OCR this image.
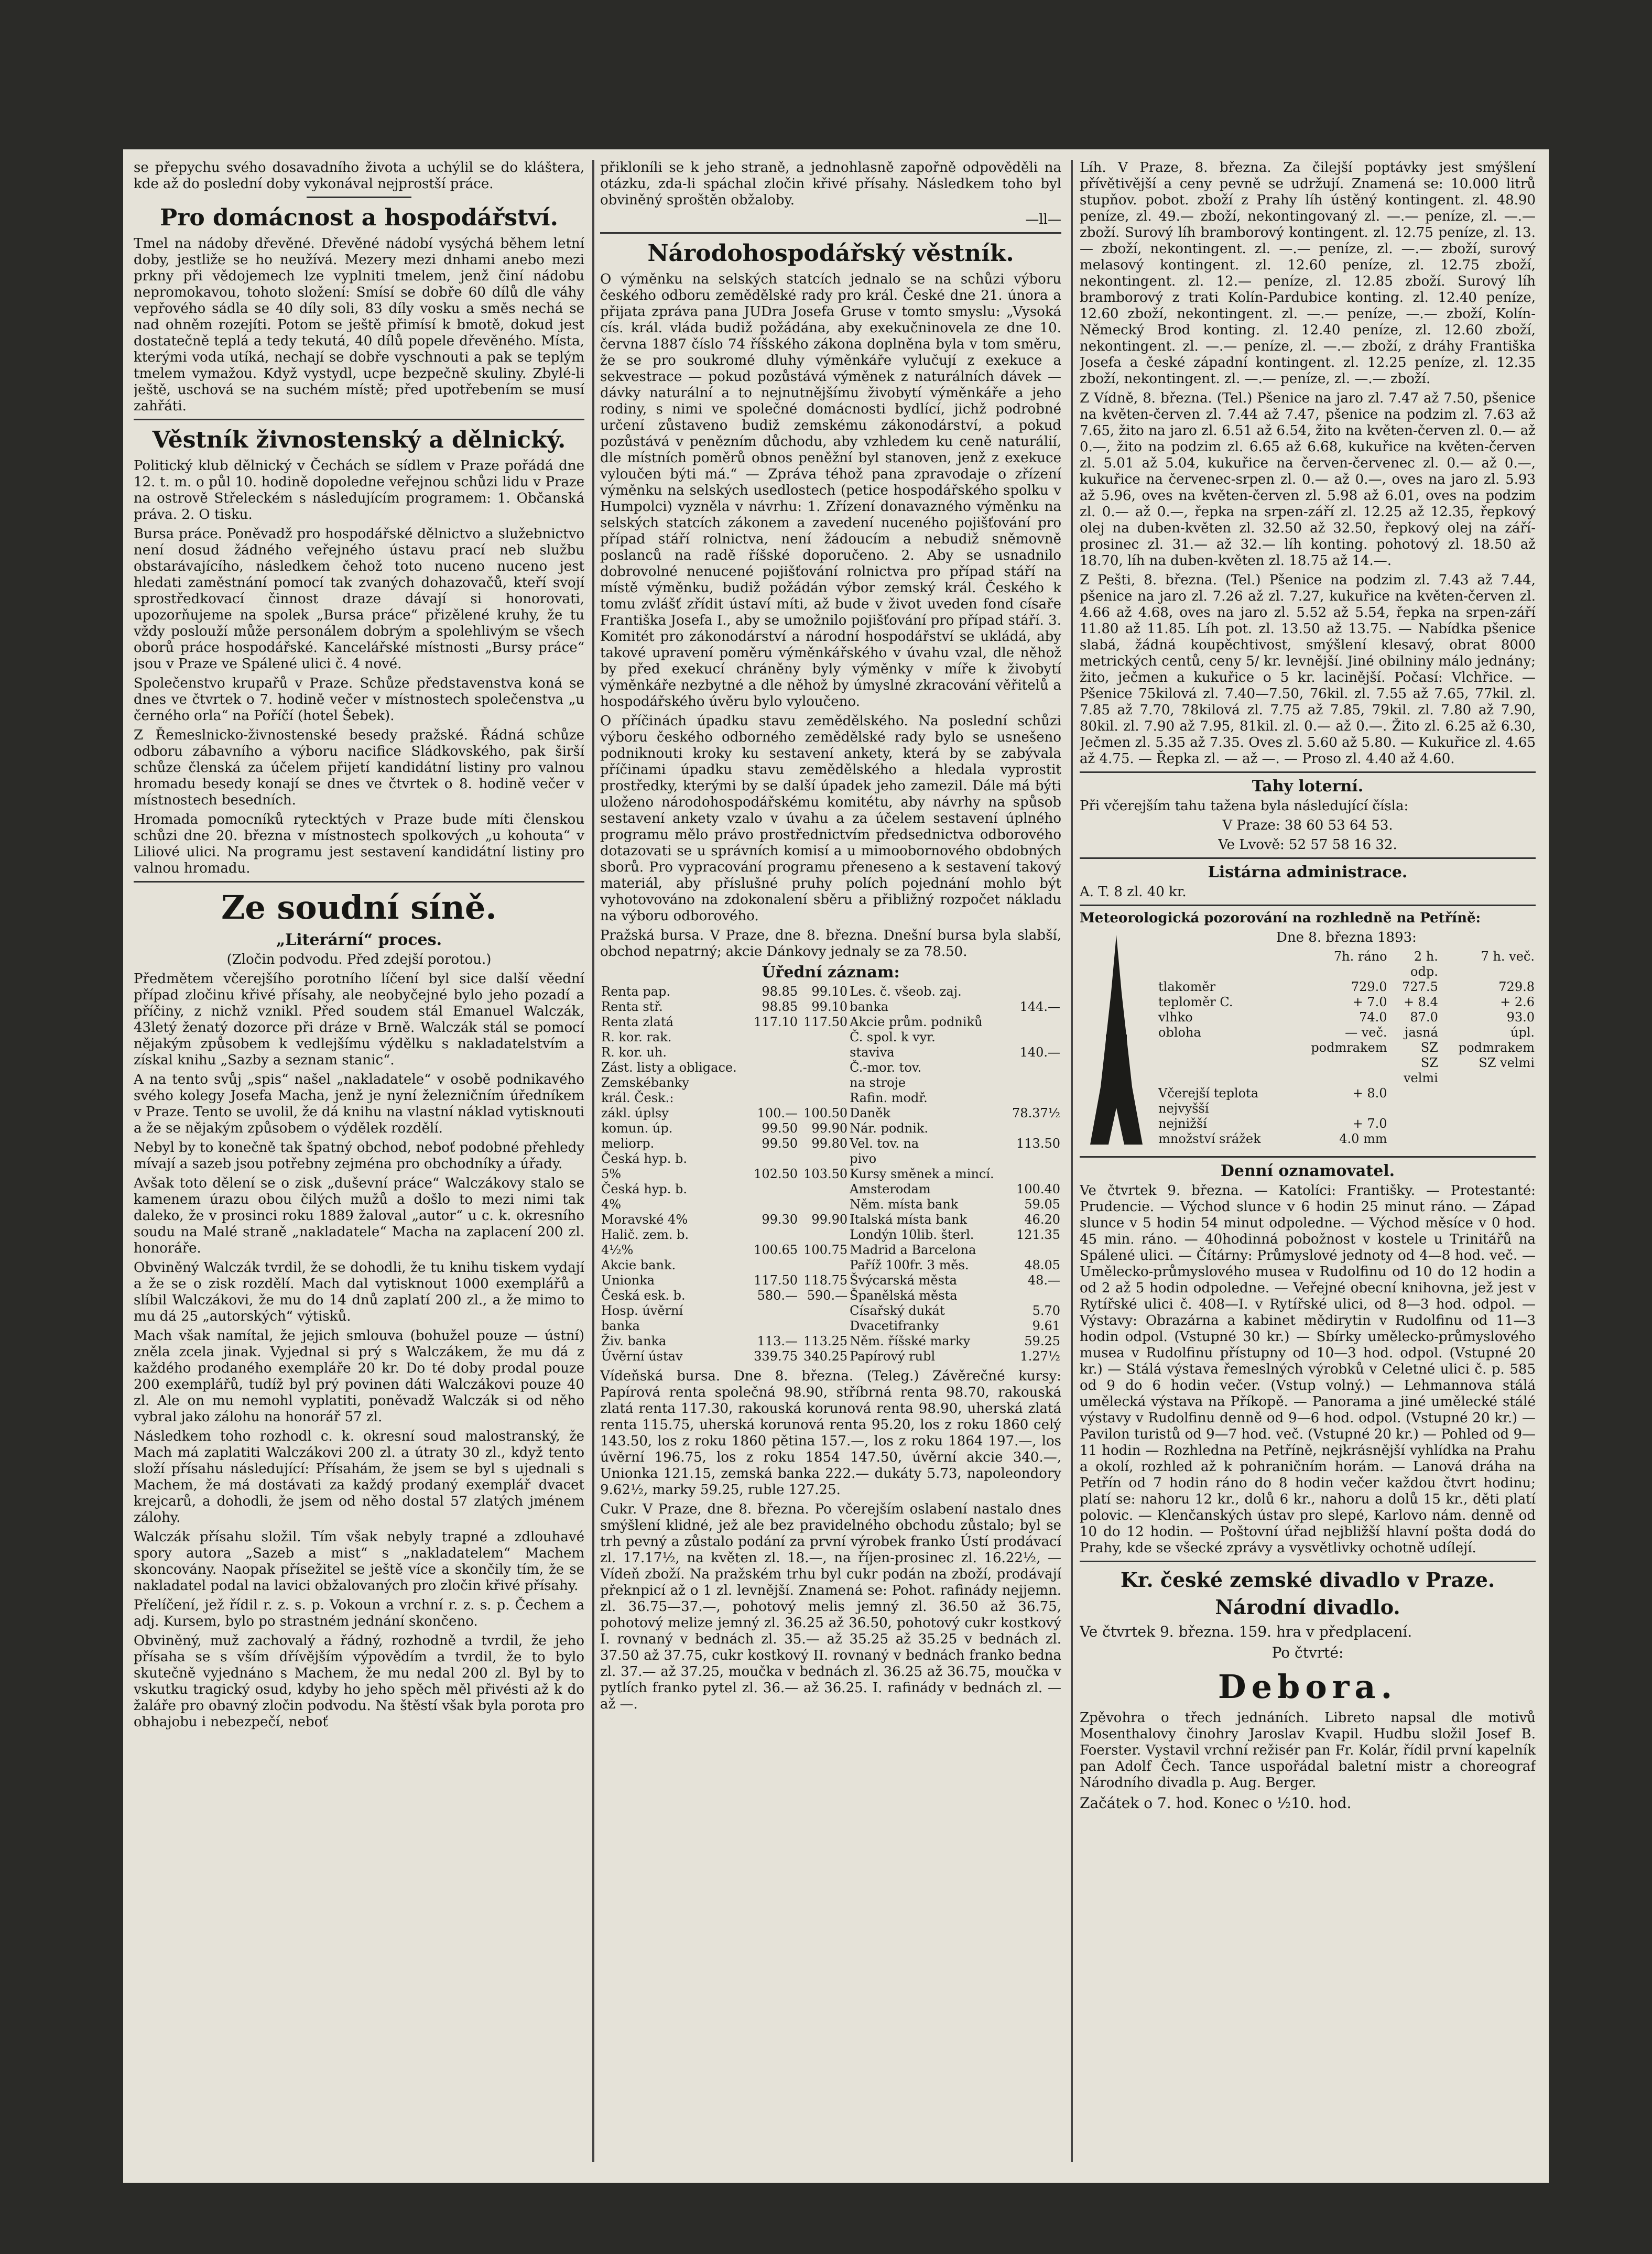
se přepychu svého dosavadního života a uchýlil se do kláštera, kde až do poslední doby vykonával nejprostší práce.

Pro domácnost a hospodářství.

Tmel na nádoby dřevěné. Dřevěné nádobí vysýchá během letní doby, jestliže se ho neužívá. Mezery mezi dnhami anebo mezi prkny při vědojemech lze vyplniti tmelem, jenž činí nádobu nepromokavou, tohoto složení: Smísí se dobře 60 dílů dle váhy vepřového sádla se 40 díly soli, 83 díly vosku a směs nechá se nad ohněm rozejíti. Potom se ještě přimísí k bmotě, dokud jest dostatečně teplá a tedy tekutá, 40 dílů popele dřevěného. Místa, kterými voda utíká, nechají se dobře vyschnouti a pak se teplým tmelem vymažou. Když vystydl, ucpe bezpečně skuliny. Zbylé-li ještě, uschová se na suchém místě; před upotřebením se musí zahřáti.

Věstník živnostenský a dělnický.

Politický klub dělnický v Čechách se sídlem v Praze pořádá dne 12. t. m. o půl 10. hodině dopoledne veřejnou schůzi lidu v Praze na ostrově Střeleckém s následujícím programem: 1. Občanská práva. 2. O tisku.

Bursa práce. Poněvadž pro hospodářské dělnictvo a služebnictvo není dosud žádného veřejného ústavu prací neb službu obstarávajícího, následkem čehož toto nuceno nuceno jest hledati zaměstnání pomocí tak zvaných dohazovačů, kteří svojí sprostředkovací činnost draze dávají si honorovati, upozorňujeme na spolek „Bursa práce“ přizělené kruhy, že tu vždy poslouží může personálem dobrým a spolehlivým se všech oborů práce hospodářské. Kancelářské místnosti „Bursy práce“ jsou v Praze ve Spálené ulici č. 4 nové.

Společenstvo krupařů v Praze. Schůze představenstva koná se dnes ve čtvrtek o 7. hodině večer v místnostech společenstva „u černého orla“ na Poříčí (hotel Šebek).

Z Řemeslnicko-živnostenské besedy pražské. Řádná schůze odboru zábavního a výboru nacifice Sládkovského, pak širší schůze členská za účelem přijetí kandidátní listiny pro valnou hromadu besedy konají se dnes ve čtvrtek o 8. hodině večer v místnostech besedních.

Hromada pomocníků rytecktých v Praze bude míti členskou schůzi dne 20. března v místnostech spolkových „u kohouta“ v Liliové ulici. Na programu jest sestavení kandidátní listiny pro valnou hromadu.

Ze soudní síně.
„Literární“ proces.

(Zločin podvodu. Před zdejší porotou.)

Předmětem včerejšího porotního líčení byl sice další věední případ zločinu křivé přísahy, ale neobyčejné bylo jeho pozadí a příčiny, z nichž vznikl. Před soudem stál Emanuel Walczák, 43letý ženatý dozorce při dráze v Brně. Walczák stál se pomocí nějakým způsobem k vedlejšímu výdělku s nakladatelstvím a získal knihu „Sazby a seznam stanic“.

A na tento svůj „spis“ našel „nakladatele“ v osobě podnikavého svého kolegy Josefa Macha, jenž je nyní železničním úředníkem v Praze. Tento se uvolil, že dá knihu na vlastní náklad vytisknouti a že se nějakým způsobem o výdělek rozdělí.

Nebyl by to konečně tak špatný obchod, neboť podobné přehledy mívají a sazeb jsou potřebny zejména pro obchodníky a úřady.

Avšak toto dělení se o zisk „duševní práce“ Walczákovy stalo se kamenem úrazu obou čilých mužů a došlo to mezi nimi tak daleko, že v prosinci roku 1889 žaloval „autor“ u c. k. okresního soudu na Malé straně „nakladatele“ Macha na zaplacení 200 zl. honoráře.

Obviněný Walczák tvrdil, že se dohodli, že tu knihu tiskem vydají a že se o zisk rozdělí. Mach dal vytisknout 1000 exemplářů a slíbil Walczákovi, že mu do 14 dnů zaplatí 200 zl., a že mimo to mu dá 25 „autorských“ výtisků.

Mach však namítal, že jejich smlouva (bohužel pouze — ústní) zněla zcela jinak. Vyjednal si prý s Walczákem, že mu dá z každého prodaného exempláře 20 kr. Do té doby prodal pouze 200 exemplářů, tudíž byl prý povinen dáti Walczákovi pouze 40 zl. Ale on mu nemohl vyplatiti, poněvadž Walczák si od něho vybral jako zálohu na honorář 57 zl.

Následkem toho rozhodl c. k. okresní soud malostranský, že Mach má zaplatiti Walczákovi 200 zl. a útraty 30 zl., když tento složí přísahu následující: Přísahám, že jsem se byl s ujednali s Machem, že má dostávati za každý prodaný exemplář dvacet krejcarů, a dohodli, že jsem od něho dostal 57 zlatých jménem zálohy.

Walczák přísahu složil. Tím však nebyly trapné a zdlouhavé spory autora „Sazeb a mist“ s „nakladatelem“ Machem skoncovány. Naopak přísežitel se ještě více a skončily tím, že se nakladatel podal na lavici obžalovaných pro zločin křivé přísahy.

Přelíčení, jež řídil r. z. s. p. Vokoun a vrchní r. z. s. p. Čechem a adj. Kursem, bylo po strastném jednání skončeno.

Obviněný, muž zachovalý a řádný, rozhodně a tvrdil, že jeho přísaha se s vším dřívějším výpovědím a tvrdil, že to bylo skutečně vyjednáno s Machem, že mu nedal 200 zl. Byl by to vskutku tragický osud, kdyby ho jeho spěch měl přivésti až k do žaláře pro obavný zločin podvodu. Na štěstí však byla porota pro obhajobu i nebezpečí, neboť

přikloníli se k jeho straně, a jednohlasně zapořně odpověděli na otázku, zda-li spáchal zločin křivé přísahy. Následkem toho byl obviněný sproštěn obžaloby.

—ll—

Národohospodářský věstník.

O výměnku na selských statcích jednalo se na schůzi výboru českého odboru zemědělské rady pro král. České dne 21. února a přijata zpráva pana JUDra Josefa Gruse v tomto smyslu: „Vysoká cís. král. vláda budiž požádána, aby exekučninovela ze dne 10. června 1887 číslo 74 říšského zákona doplněna byla v tom směru, že se pro soukromé dluhy výměnkáře vylučují z exekuce a sekvestrace — pokud pozůstává výměnek z naturálních dávek — dávky naturální a to nejnutnějšímu živobytí výměnkáře a jeho rodiny, s nimi ve společné domácnosti bydlící, jichž podrobné určení zůstaveno budiž zemskému zákonodárství, a pokud pozůstává v penězním důchodu, aby vzhledem ku ceně naturálií, dle místních poměrů obnos peněžní byl stanoven, jenž z exekuce vyloučen býti má.“ — Zpráva téhož pana zpravodaje o zřízení výměnku na selských usedlostech (petice hospodářského spolku v Humpolci) vyzněla v návrhu: 1. Zřízení donavazného výměnku na selských statcích zákonem a zavedení nuceného pojišťování pro případ stáří rolnictva, není žádoucím a nebudiž sněmovně poslanců na radě říšské doporučeno. 2. Aby se usnadnilo dobrovolné nenucené pojišťování rolnictva pro případ stáří na místě výměnku, budiž požádán výbor zemský král. Českého k tomu zvlášť zřídit ústaví míti, až bude v život uveden fond císaře Františka Josefa I., aby se umožnilo pojišťování pro případ stáří. 3. Komitét pro zákonodárství a národní hospodářství se ukládá, aby takové upravení poměru výměnkářského v úvahu vzal, dle něhož by před exekucí chráněny byly výměnky v míře k živobytí výměnkáře nezbytné a dle něhož by úmyslné zkracování věřitelů a hospodářského úvěru bylo vyloučeno.

O příčinách úpadku stavu zemědělského. Na poslední schůzi výboru českého odborného zemědělské rady bylo se usnešeno podniknouti kroky ku sestavení ankety, která by se zabývala příčinami úpadku stavu zemědělského a hledala vyprostit prostředky, kterými by se další úpadek jeho zamezil. Dále má býti uloženo národohospodářskému komitétu, aby návrhy na spůsob sestavení ankety vzalo v úvahu a za účelem sestavení úplného programu mělo právo prostřednictvím předsednictva odborového dotazovati se u správních komisí a u mimoobornového obdobných sborů. Pro vypracování programu přeneseno a k sestavení takový materiál, aby příslušné pruhy polích pojednání mohlo být vyhotovováno na zdokonalení sběru a přibližný rozpočet nákladu na výboru odborového.

Pražská bursa. V Praze, dne 8. března. Dnešní bursa byla slabší, obchod nepatrný; akcie Dánkovy jednaly se za 78.50.

Úřední záznam:
Renta pap.	98.85	99.10	Les. č. všeob. zaj.	
Renta stř.	98.85	99.10	banka	144.—
Renta zlatá	117.10	117.50	Akcie prům. podniků	
R. kor. rak.			Č. spol. k vyr.	
R. kor. uh.			staviva	140.—
Zást. listy a obligace.			Č.-mor. tov.	
Zemskébanky			na stroje	
král. Česk.:			Rafin. modř.	
zákl. úplsy	100.—	100.50	Daněk	78.37½
komun. úp.	99.50	99.90	Nár. podnik.	
meliorp.	99.50	99.80	Vel. tov. na	113.50
Česká hyp. b.			pivo	
5%	102.50	103.50	Kursy směnek a mincí.	
Česká hyp. b.			Amsterodam	100.40
4%			Něm. místa bank	59.05
Moravské 4%	99.30	99.90	Italská místa bank	46.20
Halič. zem. b.			Londýn 10lib. šterl.	121.35
4½%	100.65	100.75	Madrid a Barcelona	
Akcie bank.			Paříž 100fr. 3 měs.	48.05
Unionka	117.50	118.75	Švýcarská města	48.—
Česká esk. b.	580.—	590.—	Španělská města	
Hosp. úvěrní			Císařský dukát	5.70
banka			Dvacetifranky	9.61
Živ. banka	113.—	113.25	Něm. říšské marky	59.25
Úvěrní ústav	339.75	340.25	Papírový rubl	1.27½

Vídeňská bursa. Dne 8. března. (Teleg.) Závěrečné kursy: Papírová renta společná 98.90, stříbrná renta 98.70, rakouská zlatá renta 117.30, rakouská korunová renta 98.90, uherská zlatá renta 115.75, uherská korunová renta 95.20, los z roku 1860 celý 143.50, los z roku 1860 pětina 157.—, los z roku 1864 197.—, los úvěrní 196.75, los z roku 1854 147.50, úvěrní akcie 340.—, Unionka 121.15, zemská banka 222.— dukáty 5.73, napoleondory 9.62½, marky 59.25, ruble 127.25.

Cukr. V Praze, dne 8. března. Po včerejším oslabení nastalo dnes smýšlení klidné, jež ale bez pravidelného obchodu zůstalo; byl se trh pevný a zůstalo podání za první výrobek franko Ústí prodávací zl. 17.17½, na květen zl. 18.—, na říjen-prosinec zl. 16.22½, — Vídeň zboží. Na pražském trhu byl cukr podán na zboží, prodávají překnpicí až o 1 zl. levnější. Znamená se: Pohot. rafinády nejjemn. zl. 36.75—37.—, pohotový melis jemný zl. 36.50 až 36.75, pohotový melize jemný zl. 36.25 až 36.50, pohotový cukr kostkový I. rovnaný v bednách zl. 35.— až 35.25 až 35.25 v bednách zl. 37.50 až 37.75, cukr kostkový II. rovnaný v bednách franko bedna zl. 37.— až 37.25, moučka v bednách zl. 36.25 až 36.75, moučka v pytlích franko pytel zl. 36.— až 36.25. I. rafinády v bednách zl. — až —.

Líh. V Praze, 8. března. Za čilejší poptávky jest smýšlení přívětivější a ceny pevně se udržují. Znamená se: 10.000 litrů stupňov. pobot. zboží z Prahy líh ústěný kontingent. zl. 48.90 peníze, zl. 49.— zboží, nekontingovaný zl. —.— peníze, zl. —.— zboží. Surový líh bramborový kontingent. zl. 12.75 peníze, zl. 13.— zboží, nekontingent. zl. —.— peníze, zl. —.— zboží, surový melasový kontingent. zl. 12.60 peníze, zl. 12.75 zboží, nekontingent. zl. 12.— peníze, zl. 12.85 zboží. Surový líh bramborový z trati Kolín-Pardubice konting. zl. 12.40 peníze, 12.60 zboží, nekontingent. zl. —.— peníze, —.— zboží, Kolín-Německý Brod konting. zl. 12.40 peníze, zl. 12.60 zboží, nekontingent. zl. —.— peníze, zl. —.— zboží, z dráhy Františka Josefa a české západní kontingent. zl. 12.25 peníze, zl. 12.35 zboží, nekontingent. zl. —.— peníze, zl. —.— zboží.

Z Vídně, 8. března. (Tel.) Pšenice na jaro zl. 7.47 až 7.50, pšenice na květen-červen zl. 7.44 až 7.47, pšenice na podzim zl. 7.63 až 7.65, žito na jaro zl. 6.51 až 6.54, žito na květen-červen zl. 0.— až 0.—, žito na podzim zl. 6.65 až 6.68, kukuřice na květen-červen zl. 5.01 až 5.04, kukuřice na červen-červenec zl. 0.— až 0.—, kukuřice na červenec-srpen zl. 0.— až 0.—, oves na jaro zl. 5.93 až 5.96, oves na květen-červen zl. 5.98 až 6.01, oves na podzim zl. 0.— až 0.—, řepka na srpen-září zl. 12.25 až 12.35, řepkový olej na duben-květen zl. 32.50 až 32.50, řepkový olej na září-prosinec zl. 31.— až 32.— líh konting. pohotový zl. 18.50 až 18.70, líh na duben-květen zl. 18.75 až 14.—.

Z Pešti, 8. března. (Tel.) Pšenice na podzim zl. 7.43 až 7.44, pšenice na jaro zl. 7.26 až zl. 7.27, kukuřice na květen-červen zl. 4.66 až 4.68, oves na jaro zl. 5.52 až 5.54, řepka na srpen-září 11.80 až 11.85. Líh pot. zl. 13.50 až 13.75. — Nabídka pšenice slabá, žádná koupěchtivost, smýšlení klesavý, obrat 8000 metrických centů, ceny 5/ kr. levnější. Jiné obilniny málo jednány; žito, ječmen a kukuřice o 5 kr. lacinější. Počasí: Vlchřice. — Pšenice 75kilová zl. 7.40—7.50, 76kil. zl. 7.55 až 7.65, 77kil. zl. 7.85 až 7.70, 78kilová zl. 7.75 až 7.85, 79kil. zl. 7.80 až 7.90, 80kil. zl. 7.90 až 7.95, 81kil. zl. 0.— až 0.—. Žito zl. 6.25 až 6.30, Ječmen zl. 5.35 až 7.35. Oves zl. 5.60 až 5.80. — Kukuřice zl. 4.65 až 4.75. — Řepka zl. — až —. — Proso zl. 4.40 až 4.60.

Tahy loterní.

Při včerejším tahu tažena byla následující čísla:

V Praze: 38 60 53 64 53.

Ve Lvově: 52 57 58 16 32.

Listárna administrace.

A. T. 8 zl. 40 kr.

Meteorologická pozorování na rozhledně na Petříně:

Dne 8. března 1893:

	7h. ráno	2 h. odp.	7 h. več.
tlakoměr	729.0	727.5	729.8
teploměr C.	+ 7.0	+ 8.4	+ 2.6
vlhko	74.0	87.0	93.0
obloha	— več. podmrakem	jasná SZ	úpl. podmrakem
		SZ velmi	SZ velmi
Včerejší teplota nejvyšší	+ 8.0		
nejnižší	+ 7.0		
množství srážek	4.0 mm		
Denní oznamovatel.

Ve čtvrtek 9. března. — Katolíci: Františky. — Protestanté: Prudencie. — Východ slunce v 6 hodin 25 minut ráno. — Západ slunce v 5 hodin 54 minut odpoledne. — Východ měsíce v 0 hod. 45 min. ráno. — 40hodinná pobožnost v kostele u Trinitářů na Spálené ulici. — Čítárny: Průmyslové jednoty od 4—8 hod. več. — Umělecko-průmyslového musea v Rudolfinu od 10 do 12 hodin a od 2 až 5 hodin odpoledne. — Veřejné obecní knihovna, jež jest v Rytířské ulici č. 408—I. v Rytířské ulici, od 8—3 hod. odpol. — Výstavy: Obrazárna a kabinet mědirytin v Rudolfinu od 11—3 hodin odpol. (Vstupné 30 kr.) — Sbírky umělecko-průmyslového musea v Rudolfinu přístupny od 10—3 hod. odpol. (Vstupné 20 kr.) — Stálá výstava řemeslných výrobků v Celetné ulici č. p. 585 od 9 do 6 hodin večer. (Vstup volný.) — Lehmannova stálá umělecká výstava na Příkopě. — Panorama a jiné umělecké stálé výstavy v Rudolfinu denně od 9—6 hod. odpol. (Vstupné 20 kr.) — Pavilon turistů od 9—7 hod. več. (Vstupné 20 kr.) — Pohled od 9—11 hodin — Rozhledna na Petříně, nejkrásnější vyhlídka na Prahu a okolí, rozhled až k pohraničním horám. — Lanová dráha na Petřín od 7 hodin ráno do 8 hodin večer každou čtvrt hodinu; platí se: nahoru 12 kr., dolů 6 kr., nahoru a dolů 15 kr., děti platí polovic. — Klenčanských ústav pro slepé, Karlovo nám. denně od 10 do 12 hodin. — Poštovní úřad nejbližší hlavní pošta dodá do Prahy, kde se všecké zprávy a vysvětlivky ochotně udílejí.

Kr. české zemské divadlo v Praze.
Národní divadlo.

Ve čtvrtek 9. března. 159. hra v předplacení.

Po čtvrté:

Debora.

Zpěvohra o třech jednáních. Libreto napsal dle motivů Mosenthalovy činohry Jaroslav Kvapil. Hudbu složil Josef B. Foerster. Vystavil vrchní režisér pan Fr. Kolár, řídil první kapelník pan Adolf Čech. Tance uspořádal baletní mistr a choreograf Národního divadla p. Aug. Berger.

Začátek o 7. hod. Konec o ½10. hod.
